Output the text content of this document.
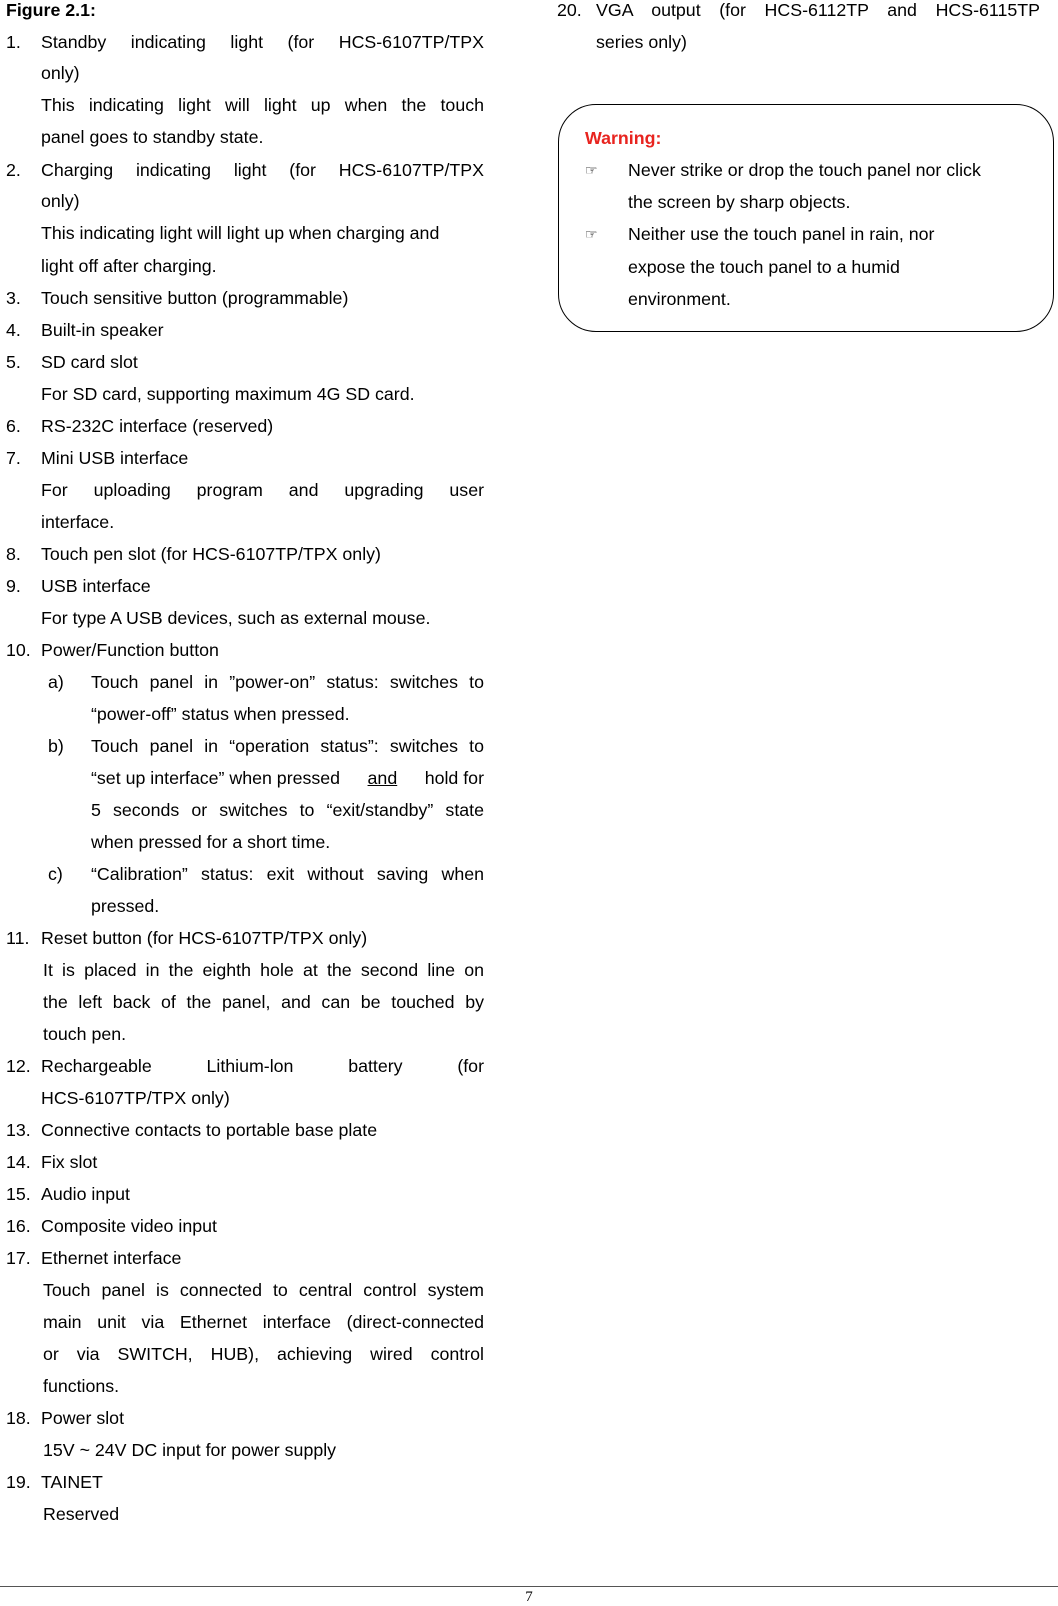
Figure 2.1:
1. Standby indicating light (for HCS-6107TP/TPX
only)
This indicating light will light up when the touch
panel goes to standby state.
2. Charging indicating light (for HCS-6107TP/TPX
only)
This indicating light will light up when charging and
light off after charging.
3. Touch sensitive button (programmable)
4. Built-in speaker
5. SD card slot
For SD card, supporting maximum 4G SD card.
6. RS-232C interface (reserved)
7. Mini USB interface
For uploading program and upgrading user
interface.
8. Touch pen slot (for HCS-6107TP/TPX only)
9. USB interface
For type A USB devices, such as external mouse.
10. Power/Function button
a) Touch panel in ”power-on” status: switches to
“power-off” status when pressed.
b) Touch panel in “operation status”: switches to
“set up interface” when pressed and hold for
5 seconds or switches to “exit/standby” state
when pressed for a short time.
c) “Calibration” status: exit without saving when
pressed.
11. Reset button (for HCS-6107TP/TPX only)
It is placed in the eighth hole at the second line on
the left back of the panel, and can be touched by
touch pen.
12. Rechargeable Lithium-lon battery (for
HCS-6107TP/TPX only)
13. Connective contacts to portable base plate
14. Fix slot
15. Audio input
16. Composite video input
17. Ethernet interface
Touch panel is connected to central control system
main unit via Ethernet interface (direct-connected
or via SWITCH, HUB), achieving wired control
functions.
18. Power slot
15V ~ 24V DC input for power supply
19. TAINET
Reserved
20. VGA output (for HCS-6112TP and HCS-6115TP
series only)
Warning:
☞ Never strike or drop the touch panel nor click
the screen by sharp objects.
☞ Neither use the touch panel in rain, nor
expose the touch panel to a humid
environment.
7
